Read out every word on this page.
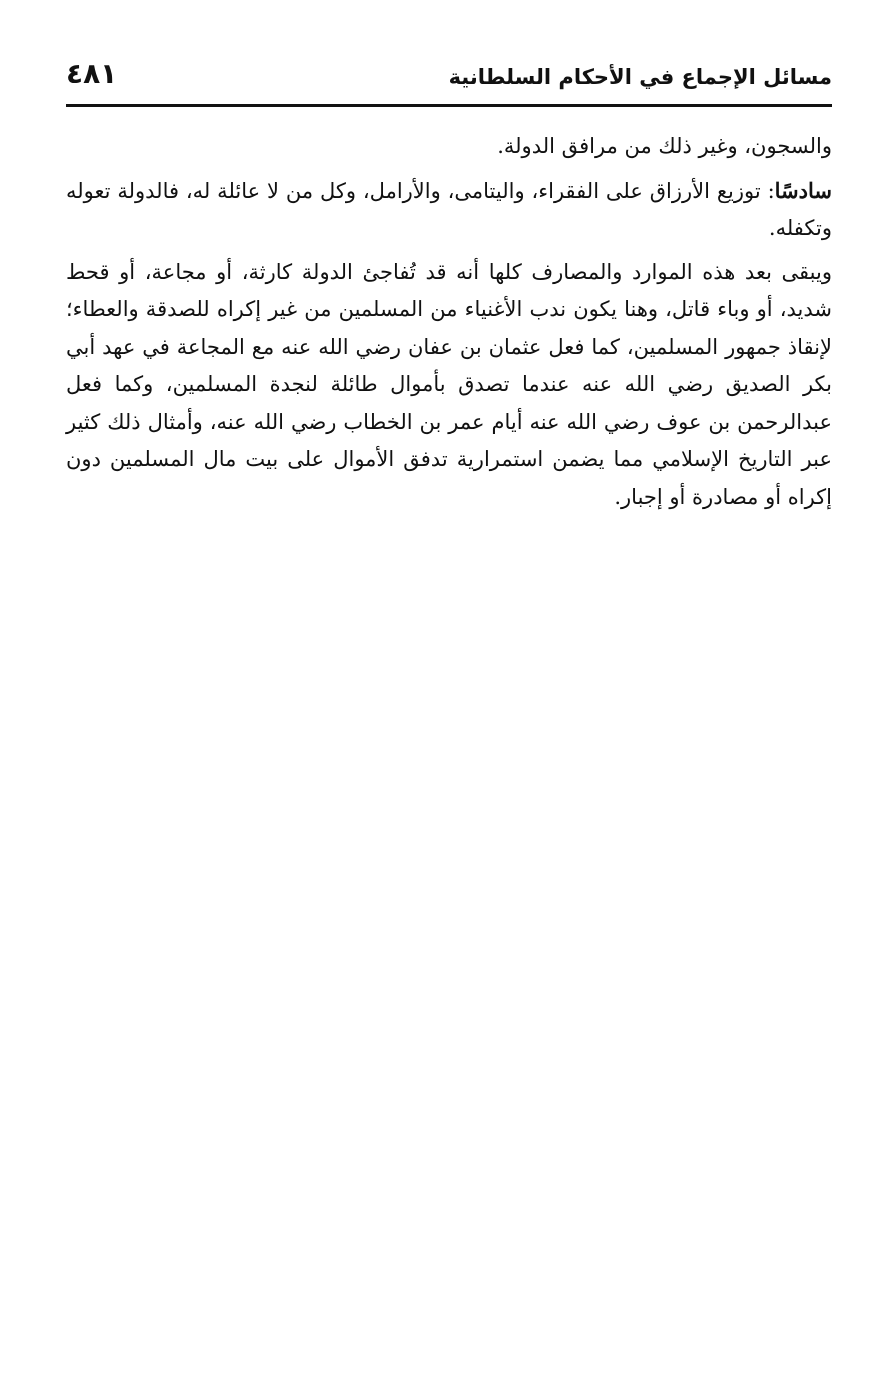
مسائل الإجماع في الأحكام السلطانية
٤٨١

والسجون، وغير ذلك من مرافق الدولة.

سادسًا: توزيع الأرزاق على الفقراء، واليتامى، والأرامل، وكل من لا عائلة له، فالدولة تعوله وتكفله.

ويبقى بعد هذه الموارد والمصارف كلها أنه قد تُفاجئ الدولة كارثة، أو مجاعة، أو قحط شديد، أو وباء قاتل، وهنا يكون ندب الأغنياء من المسلمين من غير إكراه للصدقة والعطاء؛ لإنقاذ جمهور المسلمين، كما فعل عثمان بن عفان رضي الله عنه مع المجاعة في عهد أبي بكر الصديق رضي الله عنه عندما تصدق بأموال طائلة لنجدة المسلمين، وكما فعل عبدالرحمن بن عوف رضي الله عنه أيام عمر بن الخطاب رضي الله عنه، وأمثال ذلك كثير عبر التاريخ الإسلامي مما يضمن استمرارية تدفق الأموال على بيت مال المسلمين دون إكراه أو مصادرة أو إجبار.
